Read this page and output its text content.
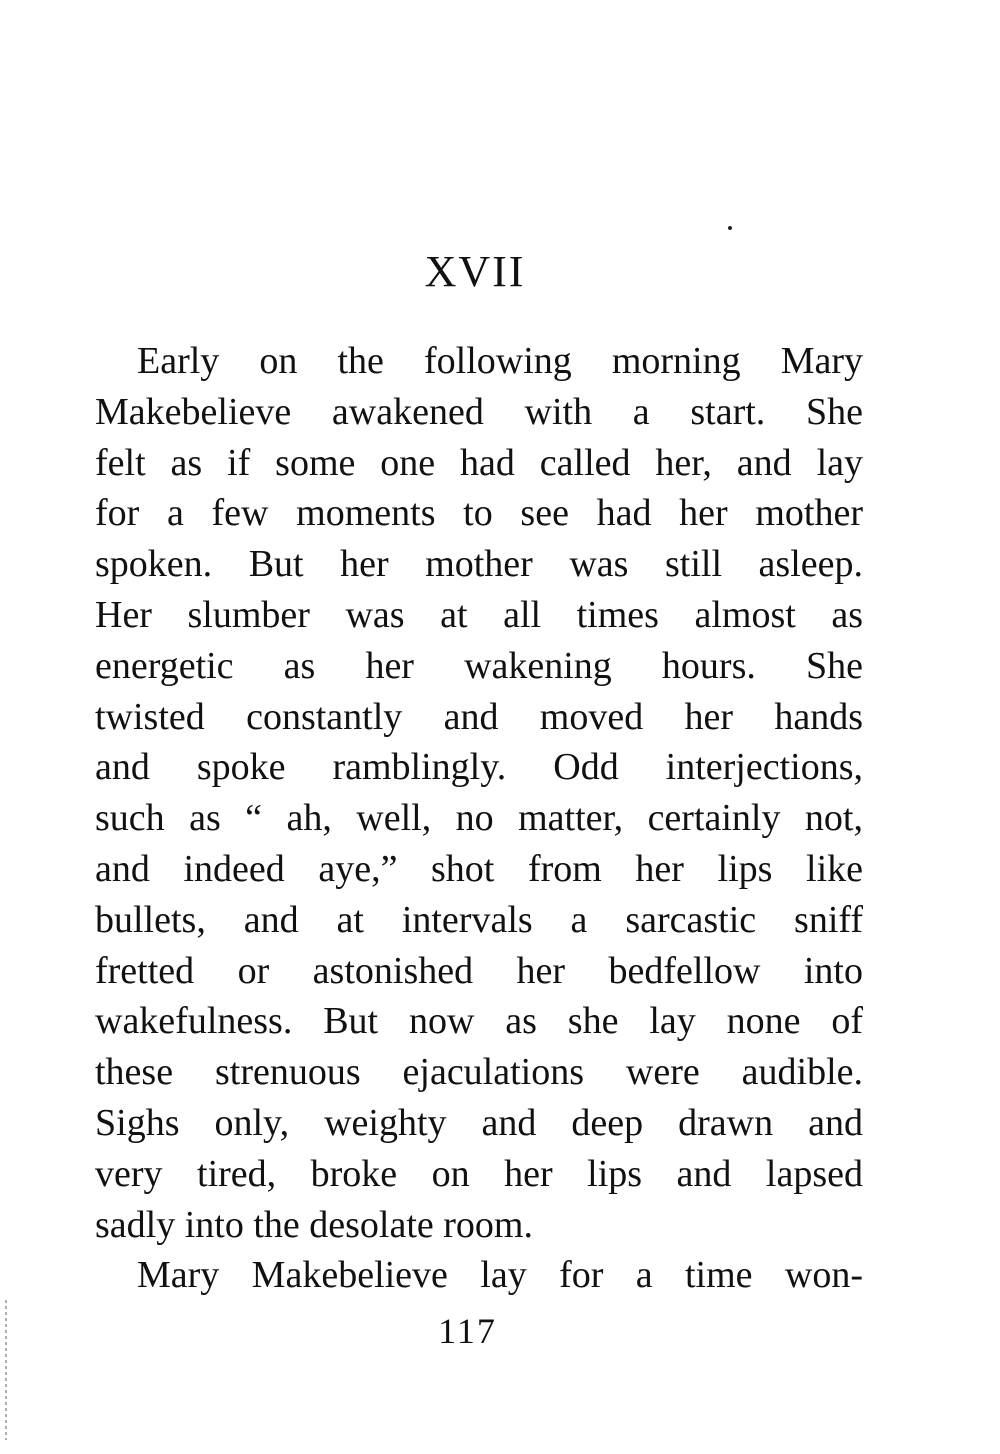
XVII
Early on the following morning Mary
Makebelieve awakened with a start. She
felt as if some one had called her, and lay
for a few moments to see had her mother
spoken. But her mother was still asleep.
Her slumber was at all times almost as
energetic as her wakening hours. She
twisted constantly and moved her hands
and spoke ramblingly. Odd interjections,
such as “ ah, well, no matter, certainly not,
and indeed aye,” shot from her lips like
bullets, and at intervals a sarcastic sniff
fretted or astonished her bedfellow into
wakefulness. But now as she lay none of
these strenuous ejaculations were audible.
Sighs only, weighty and deep drawn and
very tired, broke on her lips and lapsed
sadly into the desolate room.
Mary Makebelieve lay for a time won-
117
